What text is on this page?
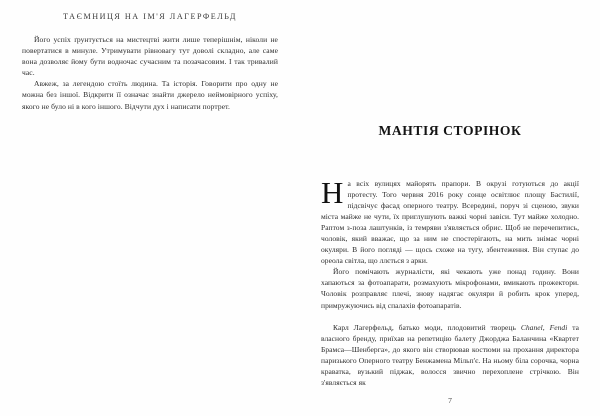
ТАЄМНИЦЯ НА ІМ'Я ЛАГЕРФЕЛЬД

Його успіх ґрунтується на мистецтві жити лише теперішнім, ніколи не повертатися в минуле. Утримувати рівновагу тут доволі складно, але саме вона дозволяє йому бути водночас сучасним та позачасовим. І так тривалий час.

Авжеж, за легендою стоїть людина. Та історія. Говорити про одну не можна без іншої. Відкрити її означає знайти джерело неймовірного успіху, якого не було ні в кого іншого. Відчути дух і написати портрет.

МАНТІЯ СТОРІНОК

Н а всіх вулицях майорять прапори. В окрузі готуються до акції протесту. Того червня 2016 року сонце освітлює площу Бастилії, підсвічує фасад оперного театру. Всередині, поруч зі сценою, звуки міста майже не чути, їх приглушують важкі чорні завіси. Тут майже холодно. Раптом з-поза лаштунків, із темряви з'являється обрис. Щоб не перечепитись, чоловік, який вважає, що за ним не спостерігають, на мить знімає чорні окуляри. В його погляді — щось схоже на тугу, збентеження. Він ступає до ореола світла, що ллється з арки.

Його помічають журналісти, які чекають уже понад годину. Вони хапаються за фотоапарати, розмахують мікрофонами, вмикають прожектори. Чоловік розправляє плечі, знову надягає окуляри й робить крок уперед, примружуючись від спалахів фотоапаратів.

Карл Лагерфельд, батько моди, плодовитий творець Chanel, Fendi та власного бренду, приїхав на репетицію балету Джорджа Баланчина «Квартет Брамса—Шенберга», до якого він створював костюми на прохання директора паризького Оперного театру Бенжамена Мільп'є. На ньому біла сорочка, чорна краватка, вузький піджак, волосся звично перехоплене стрічкою. Він з'являється як

7
